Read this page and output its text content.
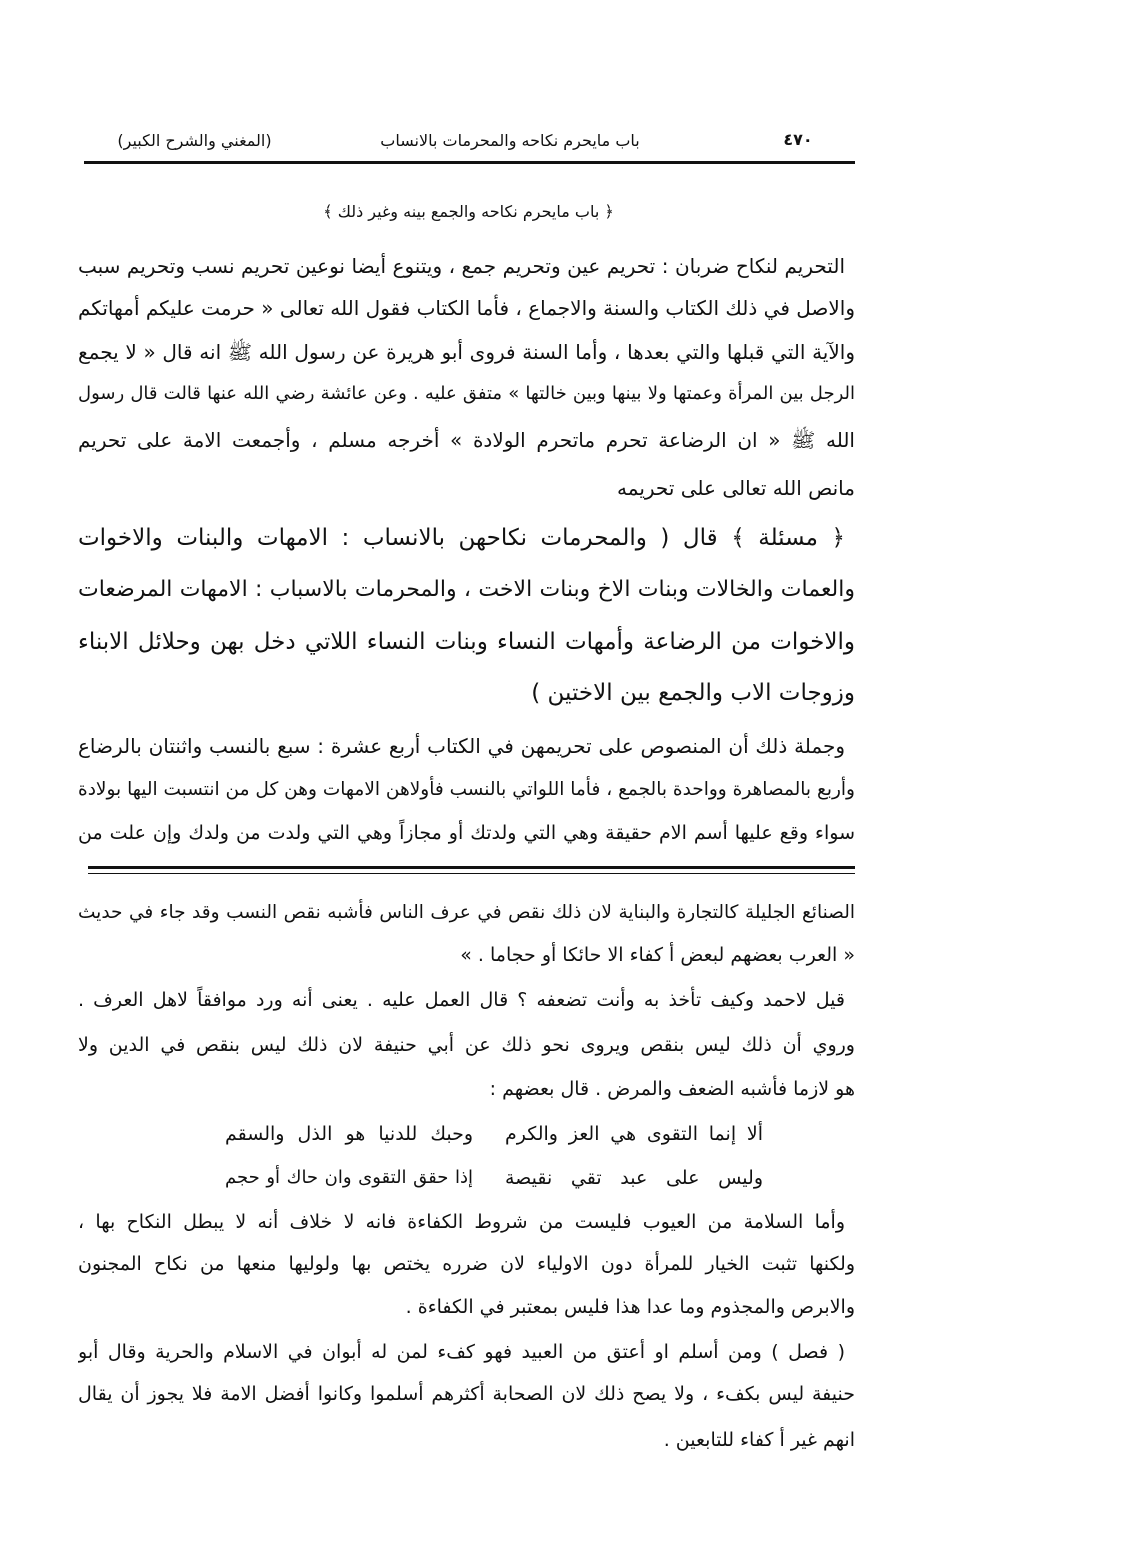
٤٧٠
باب مايحرم نكاحه والمحرمات بالانساب
(المغني والشرح الكبير)
﴿ باب مايحرم نكاحه والجمع بينه وغير ذلك ﴾
التحريم لنكاح ضربان : تحريم عين وتحريم جمع ، ويتنوع أيضا نوعين تحريم نسب وتحريم سبب
والاصل في ذلك الكتاب والسنة والاجماع ، فأما الكتاب فقول الله تعالى « حرمت عليكم أمهاتكم
والآية التي قبلها والتي بعدها ، وأما السنة فروى أبو هريرة عن رسول الله ﷺ انه قال « لا يجمع
الرجل بين المرأة وعمتها ولا بينها وبين خالتها » متفق عليه . وعن عائشة رضي الله عنها قالت قال رسول
الله ﷺ « ان الرضاعة تحرم ماتحرم الولادة » أخرجه مسلم ، وأجمعت الامة على تحريم
مانص الله تعالى على تحريمه
﴿ مسئلة ﴾ قال ( والمحرمات نكاحهن بالانساب : الامهات والبنات والاخوات
والعمات والخالات وبنات الاخ وبنات الاخت ، والمحرمات بالاسباب : الامهات المرضعات
والاخوات من الرضاعة وأمهات النساء وبنات النساء اللاتي دخل بهن وحلائل الابناء
وزوجات الاب والجمع بين الاختين )
وجملة ذلك أن المنصوص على تحريمهن في الكتاب أربع عشرة : سبع بالنسب واثنتان بالرضاع
وأربع بالمصاهرة وواحدة بالجمع ، فأما اللواتي بالنسب فأولاهن الامهات وهن كل من انتسبت اليها بولادة
سواء وقع عليها أسم الام حقيقة وهي التي ولدتك أو مجازاً وهي التي ولدت من ولدك وإن علت من
الصنائع الجليلة كالتجارة والبناية لان ذلك نقص في عرف الناس فأشبه نقص النسب وقد جاء في حديث
« العرب بعضهم لبعض أ كفاء الا حائكا أو حجاما . »
قيل لاحمد وكيف تأخذ به وأنت تضعفه ؟ قال العمل عليه . يعنى أنه ورد موافقاً لاهل العرف .
وروي أن ذلك ليس بنقص ويروى نحو ذلك عن أبي حنيفة لان ذلك ليس بنقص في الدين ولا
هو لازما فأشبه الضعف والمرض . قال بعضهم :
ألا إنما التقوى هي العز والكرم
وحبك للدنيا هو الذل والسقم
وليس على عبد تقي نقيصة
إذا حقق التقوى وان حاك أو حجم
وأما السلامة من العيوب فليست من شروط الكفاءة فانه لا خلاف أنه لا يبطل النكاح بها ،
ولكنها تثبت الخيار للمرأة دون الاولياء لان ضرره يختص بها ولوليها منعها من نكاح المجنون
والابرص والمجذوم وما عدا هذا فليس بمعتبر في الكفاءة .
( فصل ) ومن أسلم او أعتق من العبيد فهو كفء لمن له أبوان في الاسلام والحرية وقال أبو
حنيفة ليس بكفء ، ولا يصح ذلك لان الصحابة أكثرهم أسلموا وكانوا أفضل الامة فلا يجوز أن يقال
انهم غير أ كفاء للتابعين .
